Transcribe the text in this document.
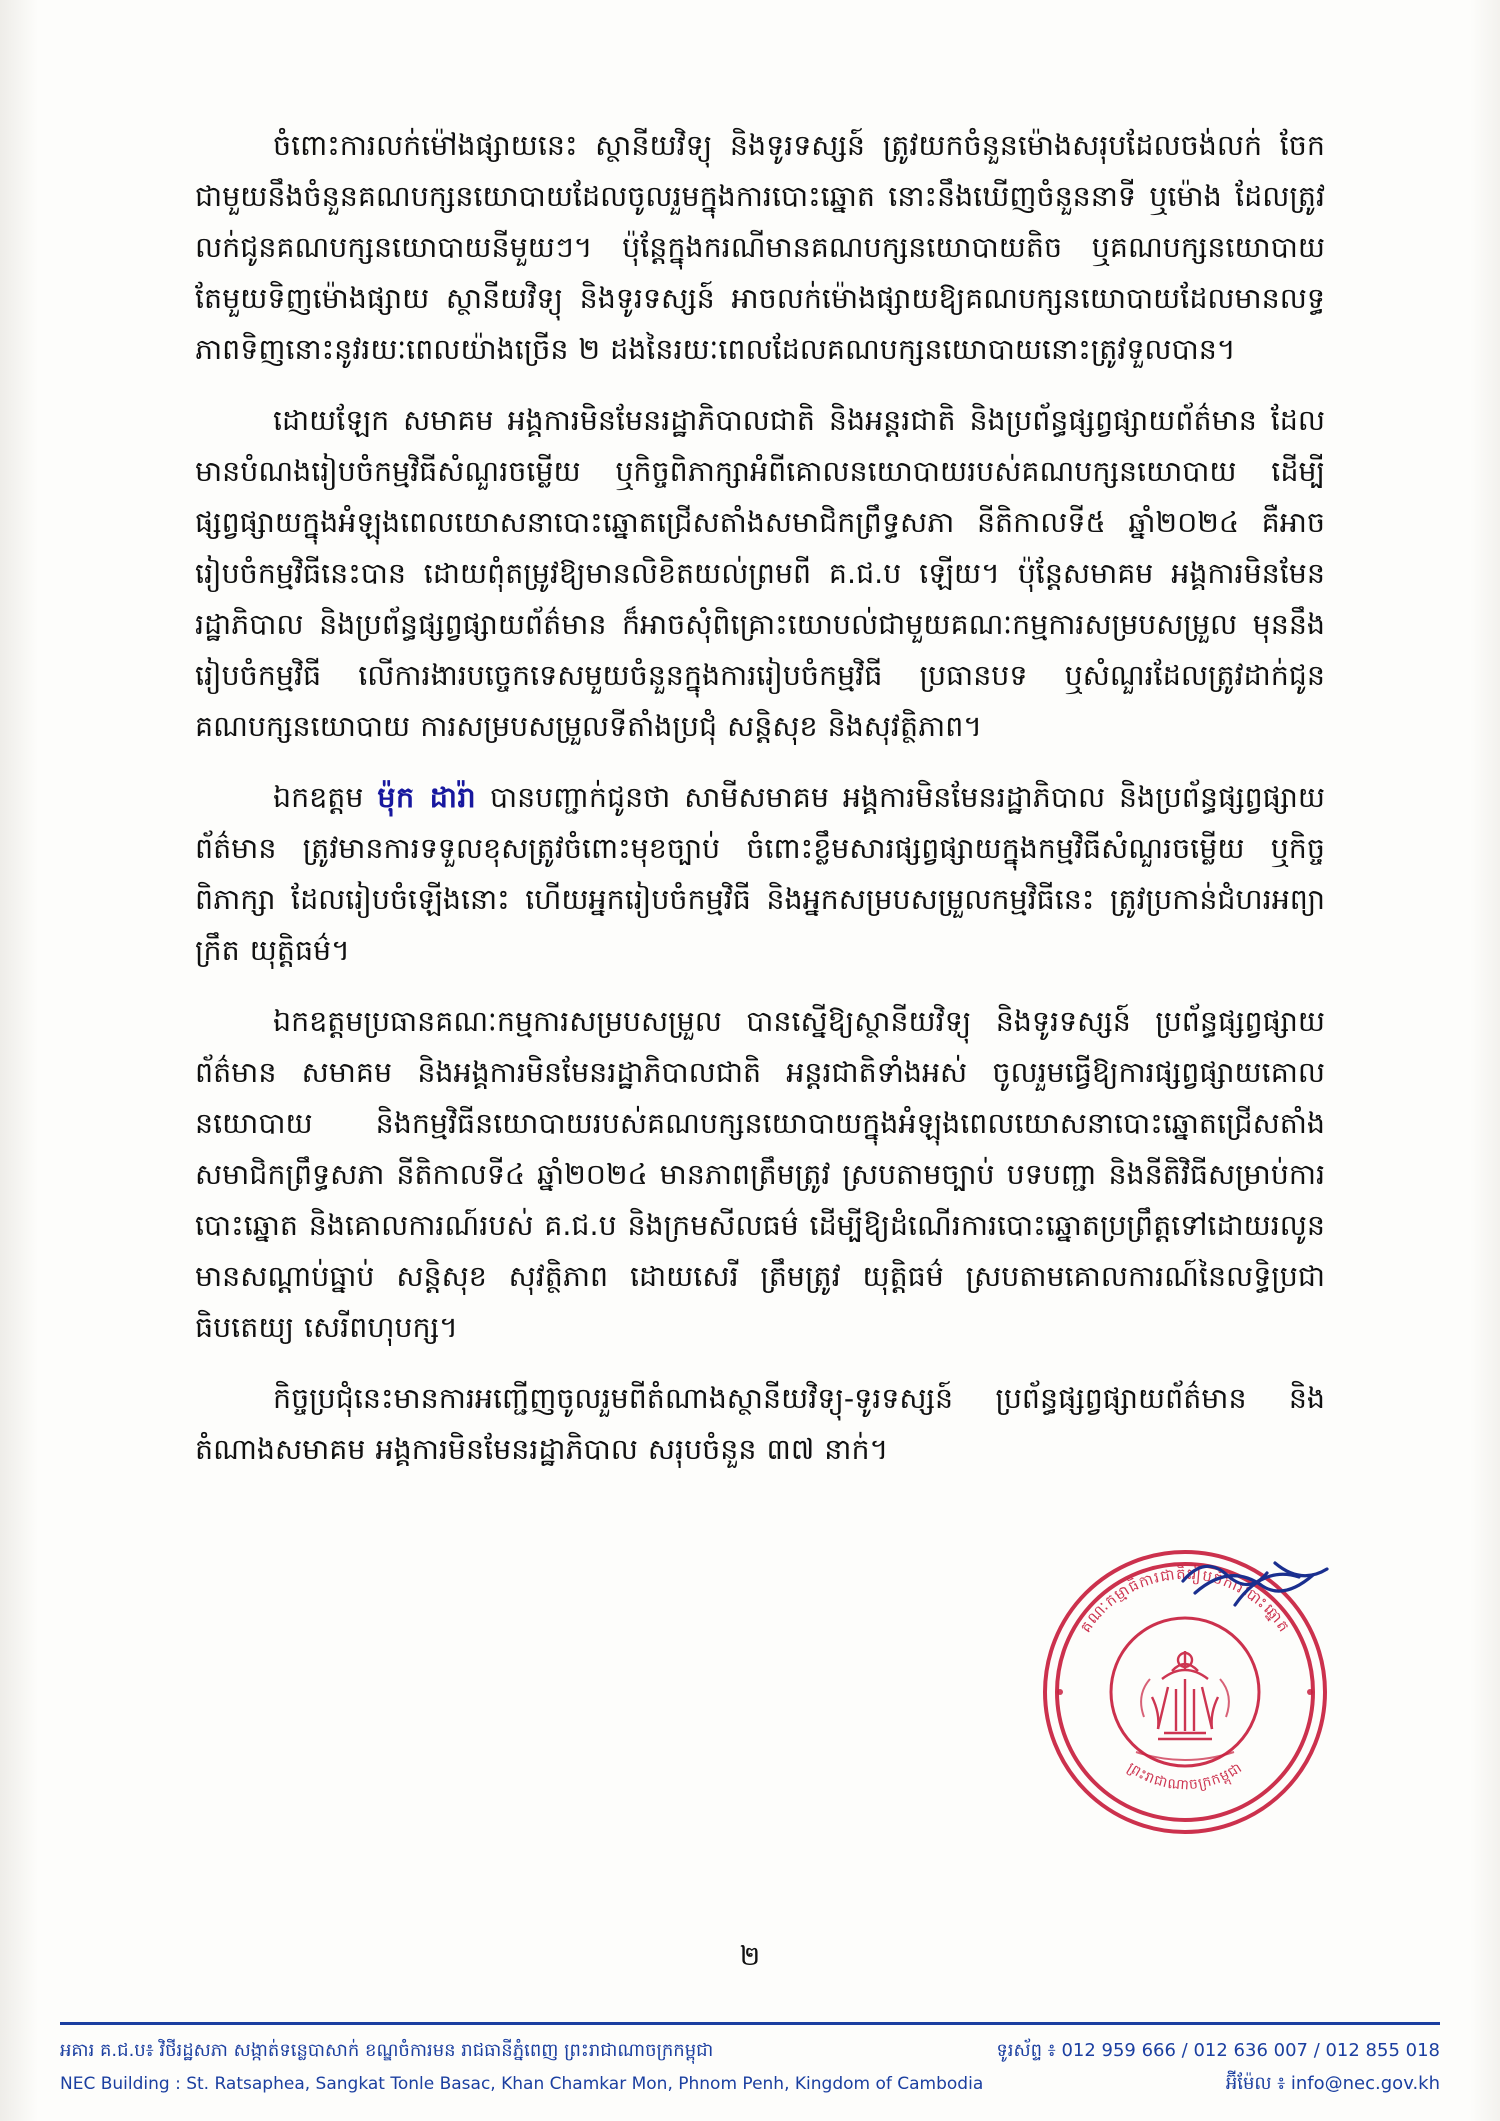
ចំពោះការលក់ម៉ៅងផ្សាយនេះ ស្ថានីយវិទ្យុ និងទូរទស្សន៍ ត្រូវយកចំនួនម៉ោងសរុបដែលចង់លក់ ចែកជាមួយនឹងចំនួនគណបក្សនយោបាយដែលចូលរួមក្នុងការបោះឆ្នោត នោះនឹងឃើញចំនួននាទី ឬម៉ោង ដែលត្រូវលក់ជូនគណបក្សនយោបាយនីមួយៗ។ ប៉ុន្តែក្នុងករណីមានគណបក្សនយោបាយតិច ឬគណបក្សនយោបាយតែមួយទិញម៉ោងផ្សាយ ស្ថានីយវិទ្យុ និងទូរទស្សន៍ អាចលក់ម៉ោងផ្សាយឱ្យគណបក្សនយោបាយដែលមានលទ្ធភាពទិញនោះនូវរយៈពេលយ៉ាងច្រើន ២ ដងនៃរយៈពេលដែលគណបក្សនយោបាយនោះត្រូវទួលបាន។

ដោយឡែក សមាគម អង្គការមិនមែនរដ្ឋាភិបាលជាតិ និងអន្តរជាតិ និងប្រព័ន្ធផ្សព្វផ្សាយព័ត៌មាន ដែលមានបំណងរៀបចំកម្មវិធីសំណួរចម្លើយ ឬកិច្ចពិភាក្សាអំពីគោលនយោបាយរបស់គណបក្សនយោបាយ ដើម្បីផ្សព្វផ្សាយក្នុងអំឡុងពេលយោសនាបោះឆ្នោតជ្រើសតាំងសមាជិកព្រឹទ្ធសភា នីតិកាលទី៥ ឆ្នាំ២០២៤ គឺអាចរៀបចំកម្មវិធីនេះបាន ដោយពុំតម្រូវឱ្យមានលិខិតយល់ព្រមពី គ.ជ.ប ឡើយ។ ប៉ុន្តែសមាគម អង្គការមិនមែនរដ្ឋាភិបាល និងប្រព័ន្ធផ្សព្វផ្សាយព័ត៌មាន ក៏អាចសំុពិគ្រោះយោបល់ជាមួយគណៈកម្មការសម្របសម្រួល មុននឹងរៀបចំកម្មវិធី លើការងារបច្ចេកទេសមួយចំនួនក្នុងការរៀបចំកម្មវិធី ប្រធានបទ ឬសំណួរដែលត្រូវដាក់ជូនគណបក្សនយោបាយ ការសម្របសម្រួលទីតាំងប្រជុំ សន្តិសុខ និងសុវត្ថិភាព។

ឯកឧត្តម ម៉ុក ដារ៉ា បានបញ្ជាក់ជូនថា សាមីសមាគម អង្គការមិនមែនរដ្ឋាភិបាល និងប្រព័ន្ធផ្សព្វផ្សាយព័ត៌មាន ត្រូវមានការទទួលខុសត្រូវចំពោះមុខច្បាប់ ចំពោះខ្លឹមសារផ្សព្វផ្សាយក្នុងកម្មវិធីសំណួរចម្លើយ ឬកិច្ចពិភាក្សា ដែលរៀបចំឡើងនោះ ហើយអ្នករៀបចំកម្មវិធី និងអ្នកសម្របសម្រួលកម្មវិធីនេះ ត្រូវប្រកាន់ជំហរអព្យាក្រឹត យុត្តិធម៌។

ឯកឧត្តមប្រធានគណៈកម្មការសម្របសម្រួល បានស្នើឱ្យស្ថានីយវិទ្យុ និងទូរទស្សន៍ ប្រព័ន្ធផ្សព្វផ្សាយព័ត៌មាន សមាគម និងអង្គការមិនមែនរដ្ឋាភិបាលជាតិ អន្តរជាតិទាំងអស់ ចូលរួមធ្វើឱ្យការផ្សព្វផ្សាយគោលនយោបាយ និងកម្មវិធីនយោបាយរបស់គណបក្សនយោបាយក្នុងអំឡុងពេលយោសនាបោះឆ្នោតជ្រើសតាំងសមាជិកព្រឹទ្ធសភា នីតិកាលទី៤ ឆ្នាំ២០២៤ មានភាពត្រឹមត្រូវ ស្របតាមច្បាប់ បទបញ្ជា និងនីតិវិធីសម្រាប់ការបោះឆ្នោត និងគោលការណ៍របស់ គ.ជ.ប និងក្រមសីលធម៌ ដើម្បីឱ្យដំណើរការបោះឆ្នោតប្រព្រឹត្តទៅដោយរលូន មានសណ្ដាប់ធ្នាប់ សន្តិសុខ សុវត្ថិភាព ដោយសេរី ត្រឹមត្រូវ យុត្តិធម៌ ស្របតាមគោលការណ៍នៃលទ្ធិប្រជាធិបតេយ្យ សេរីពហុបក្ស។

កិច្ចប្រជុំនេះមានការអញ្ជើញចូលរួមពីតំណាងស្ថានីយវិទ្យុ-ទូរទស្សន៍ ប្រព័ន្ធផ្សព្វផ្សាយព័ត៌មាន និងតំណាងសមាគម អង្គការមិនមែនរដ្ឋាភិបាល សរុបចំនួន ៣៧ នាក់។

គណៈកម្មាធិការជាតិរៀបចំការបោះឆ្នោត
ព្រះរាជាណាចក្រកម្ពុជា
២
អគារ គ.ជ.ប៖ វិថីរដ្ឋសភា សង្កាត់ទន្លេបាសាក់ ខណ្ឌចំការមន រាជធានីភ្នំពេញ ព្រះរាជាណាចក្រកម្ពុជា	ទូរស័ព្ទ ៖ 012 959 666 / 012 636 007 / 012 855 018
NEC Building : St. Ratsaphea, Sangkat Tonle Basac, Khan Chamkar Mon, Phnom Penh, Kingdom of Cambodia	អ៊ីម៉ែល ៖ info@nec.gov.kh
